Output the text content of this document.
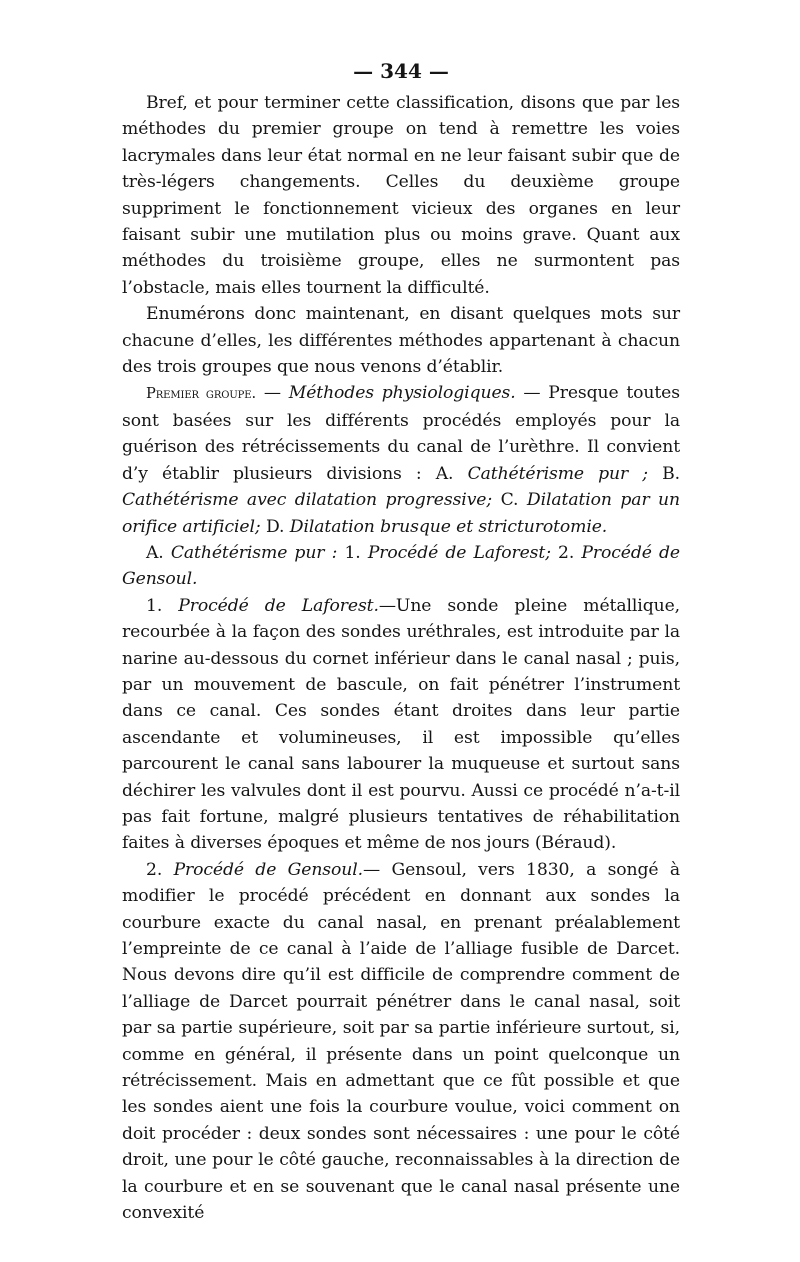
— 344 —

Bref, et pour terminer cette classification, disons que par les méthodes du premier groupe on tend à remettre les voies lacrymales dans leur état normal en ne leur faisant subir que de très-légers changements. Celles du deuxième groupe suppriment le fonctionnement vicieux des organes en leur faisant subir une mutilation plus ou moins grave. Quant aux méthodes du troisième groupe, elles ne surmontent pas l’obstacle, mais elles tournent la difficulté.

Enumérons donc maintenant, en disant quelques mots sur chacune d’elles, les différentes méthodes appartenant à chacun des trois groupes que nous venons d’établir.

Premier groupe. — Méthodes physiologiques. — Presque toutes sont basées sur les différents procédés employés pour la guérison des rétrécissements du canal de l’urèthre. Il convient d’y établir plusieurs divisions : A. Cathétérisme pur ; B. Cathétérisme avec dilatation progressive; C. Dilatation par un orifice artificiel; D. Dilatation brusque et stricturotomie.

A. Cathétérisme pur : 1. Procédé de Laforest; 2. Procédé de Gensoul.

1. Procédé de Laforest.—Une sonde pleine métallique, recourbée à la façon des sondes uréthrales, est introduite par la narine au-dessous du cornet inférieur dans le canal nasal ; puis, par un mouvement de bascule, on fait pénétrer l’instrument dans ce canal. Ces sondes étant droites dans leur partie ascendante et volumineuses, il est impossible qu’elles parcourent le canal sans labourer la muqueuse et surtout sans déchirer les valvules dont il est pourvu. Aussi ce procédé n’a-t-il pas fait fortune, malgré plusieurs tentatives de réhabilitation faites à diverses époques et même de nos jours (Béraud).

2. Procédé de Gensoul.— Gensoul, vers 1830, a songé à modifier le procédé précédent en donnant aux sondes la courbure exacte du canal nasal, en prenant préalablement l’empreinte de ce canal à l’aide de l’alliage fusible de Darcet. Nous devons dire qu’il est difficile de comprendre comment de l’alliage de Darcet pourrait pénétrer dans le canal nasal, soit par sa partie supérieure, soit par sa partie inférieure surtout, si, comme en général, il présente dans un point quelconque un rétrécissement. Mais en admettant que ce fût possible et que les sondes aient une fois la courbure voulue, voici comment on doit procéder : deux sondes sont nécessaires : une pour le côté droit, une pour le côté gauche, reconnaissables à la direction de la courbure et en se souvenant que le canal nasal présente une convexité
